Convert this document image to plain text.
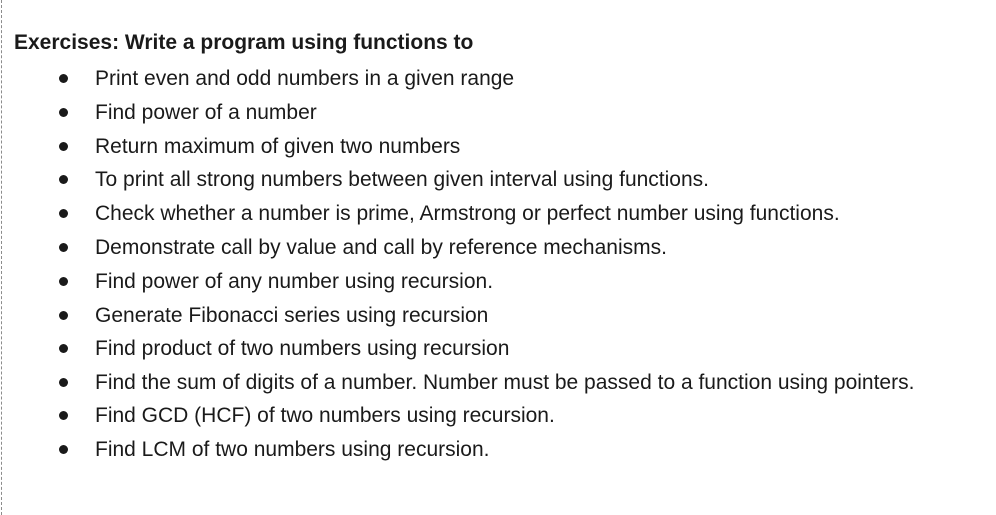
Exercises: Write a program using functions to
Print even and odd numbers in a given range
Find power of a number
Return maximum of given two numbers
To print all strong numbers between given interval using functions.
Check whether a number is prime, Armstrong or perfect number using functions.
Demonstrate call by value and call by reference mechanisms.
Find power of any number using recursion.
Generate Fibonacci series using recursion
Find product of two numbers using recursion
Find the sum of digits of a number. Number must be passed to a function using pointers.
Find GCD (HCF) of two numbers using recursion.
Find LCM of two numbers using recursion.
